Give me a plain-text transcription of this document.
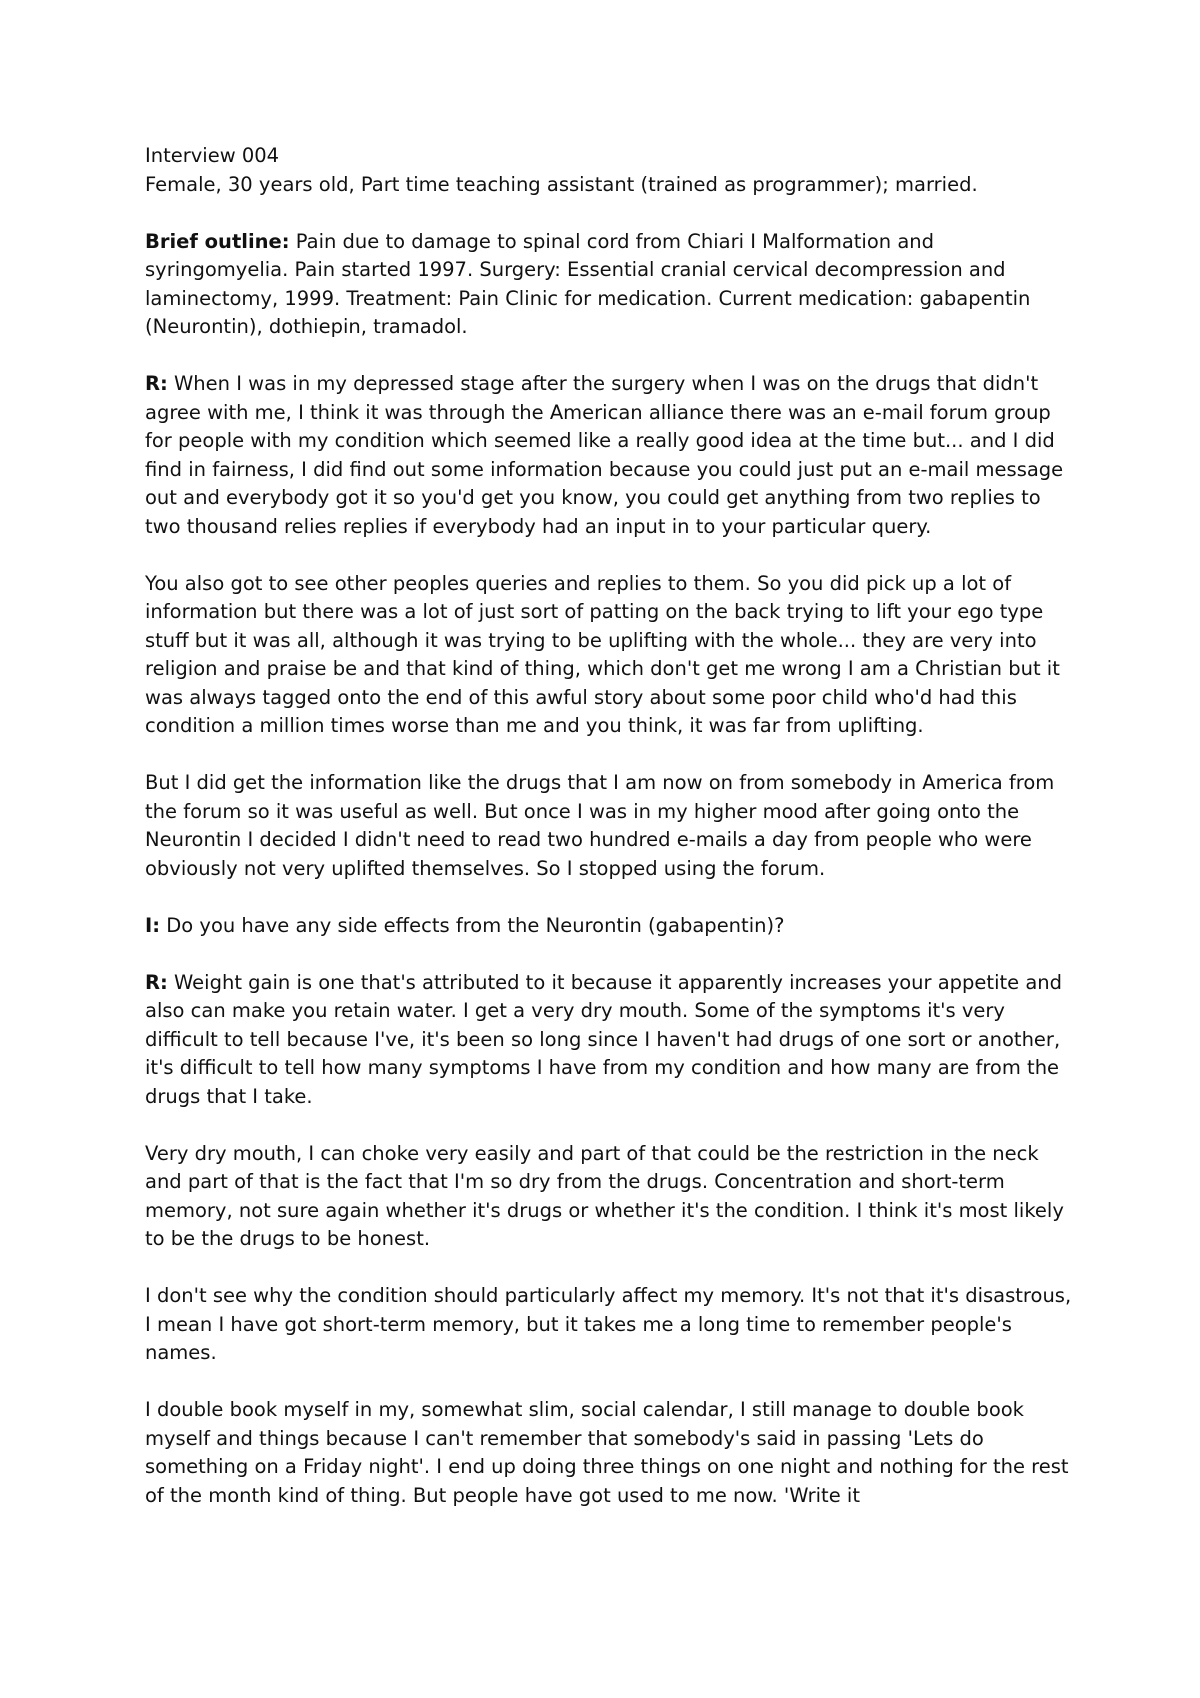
Interview 004
Female, 30 years old, Part time teaching assistant (trained as programmer); married.

Brief outline: Pain due to damage to spinal cord from Chiari I Malformation and syringomyelia. Pain started 1997. Surgery: Essential cranial cervical decompression and laminectomy, 1999. Treatment: Pain Clinic for medication. Current medication: gabapentin (Neurontin), dothiepin, tramadol.

R: When I was in my depressed stage after the surgery when I was on the drugs that didn't agree with me, I think it was through the American alliance there was an e-mail forum group for people with my condition which seemed like a really good idea at the time but... and I did find in fairness, I did find out some information because you could just put an e-mail message out and everybody got it so you'd get you know, you could get anything from two replies to two thousand relies replies if everybody had an input in to your particular query.

You also got to see other peoples queries and replies to them. So you did pick up a lot of information but there was a lot of just sort of patting on the back trying to lift your ego type stuff but it was all, although it was trying to be uplifting with the whole... they are very into religion and praise be and that kind of thing, which don't get me wrong I am a Christian but it was always tagged onto the end of this awful story about some poor child who'd had this condition a million times worse than me and you think, it was far from uplifting.

But I did get the information like the drugs that I am now on from somebody in America from the forum so it was useful as well. But once I was in my higher mood after going onto the Neurontin I decided I didn't need to read two hundred e-mails a day from people who were obviously not very uplifted themselves. So I stopped using the forum.

I: Do you have any side effects from the Neurontin (gabapentin)?

R: Weight gain is one that's attributed to it because it apparently increases your appetite and also can make you retain water. I get a very dry mouth. Some of the symptoms it's very difficult to tell because I've, it's been so long since I haven't had drugs of one sort or another, it's difficult to tell how many symptoms I have from my condition and how many are from the drugs that I take.

Very dry mouth, I can choke very easily and part of that could be the restriction in the neck and part of that is the fact that I'm so dry from the drugs. Concentration and short-term memory, not sure again whether it's drugs or whether it's the condition. I think it's most likely to be the drugs to be honest.

I don't see why the condition should particularly affect my memory. It's not that it's disastrous, I mean I have got short-term memory, but it takes me a long time to remember people's names.

I double book myself in my, somewhat slim, social calendar, I still manage to double book myself and things because I can't remember that somebody's said in passing 'Lets do something on a Friday night'. I end up doing three things on one night and nothing for the rest of the month kind of thing. But people have got used to me now. 'Write it
